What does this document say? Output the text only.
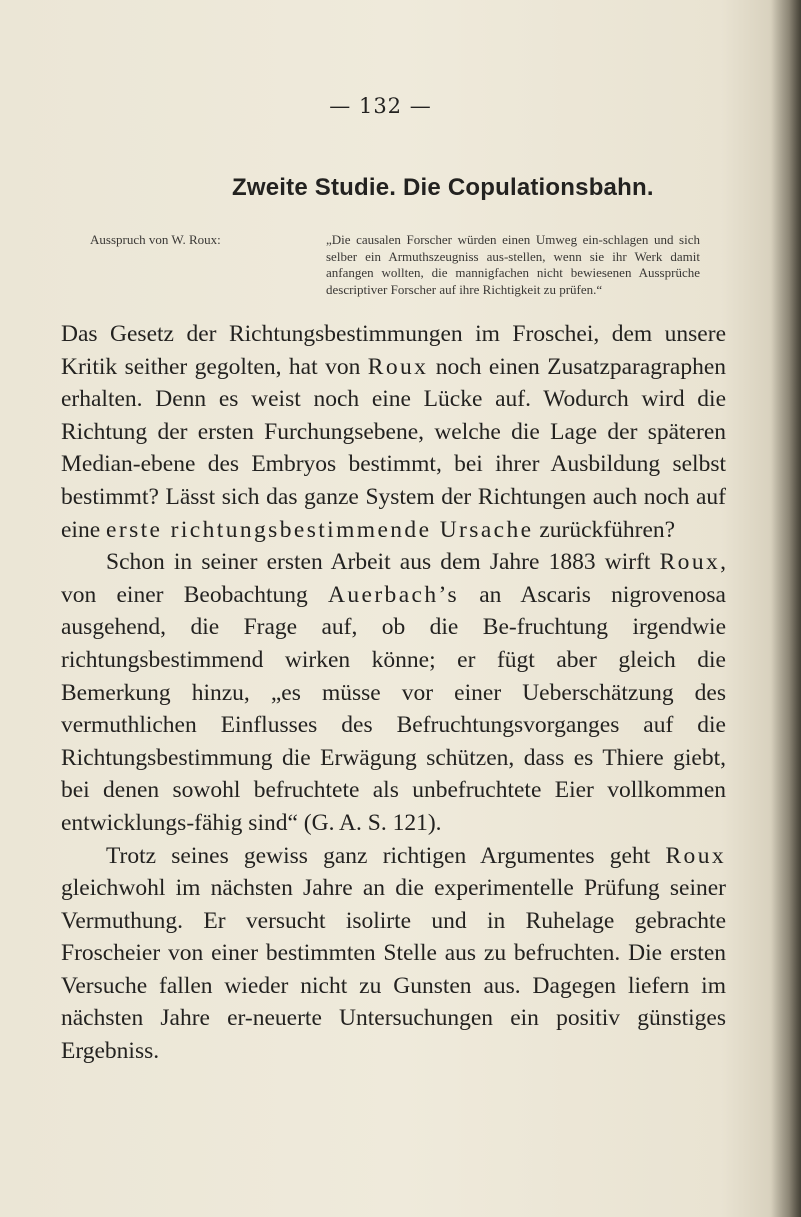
— 132 —
Zweite Studie. Die Copulationsbahn.
Ausspruch von W. Roux:	„Die causalen Forscher würden einen Umweg ein-schlagen und sich selber ein Armuthszeugniss aus-stellen, wenn sie ihr Werk damit anfangen wollten, die mannigfachen nicht bewiesenen Aussprüche descriptiver Forscher auf ihre Richtigkeit zu prüfen.“

Das Gesetz der Richtungsbestimmungen im Froschei, dem unsere Kritik seither gegolten, hat von Roux noch einen Zusatzparagraphen erhalten. Denn es weist noch eine Lücke auf. Wodurch wird die Richtung der ersten Furchungsebene, welche die Lage der späteren Median-ebene des Embryos bestimmt, bei ihrer Ausbildung selbst bestimmt? Lässt sich das ganze System der Richtungen auch noch auf eine erste richtungsbestimmende Ursache zurückführen?

Schon in seiner ersten Arbeit aus dem Jahre 1883 wirft Roux, von einer Beobachtung Auerbach’s an Ascaris nigrovenosa ausgehend, die Frage auf, ob die Be-fruchtung irgendwie richtungsbestimmend wirken könne; er fügt aber gleich die Bemerkung hinzu, „es müsse vor einer Ueberschätzung des vermuthlichen Einflusses des Befruchtungsvorganges auf die Richtungsbestimmung die Erwägung schützen, dass es Thiere giebt, bei denen sowohl befruchtete als unbefruchtete Eier vollkommen entwicklungs-fähig sind“ (G. A. S. 121).

Trotz seines gewiss ganz richtigen Argumentes geht Roux gleichwohl im nächsten Jahre an die experimentelle Prüfung seiner Vermuthung. Er versucht isolirte und in Ruhelage gebrachte Froscheier von einer bestimmten Stelle aus zu befruchten. Die ersten Versuche fallen wieder nicht zu Gunsten aus. Dagegen liefern im nächsten Jahre er-neuerte Untersuchungen ein positiv günstiges Ergebniss.
